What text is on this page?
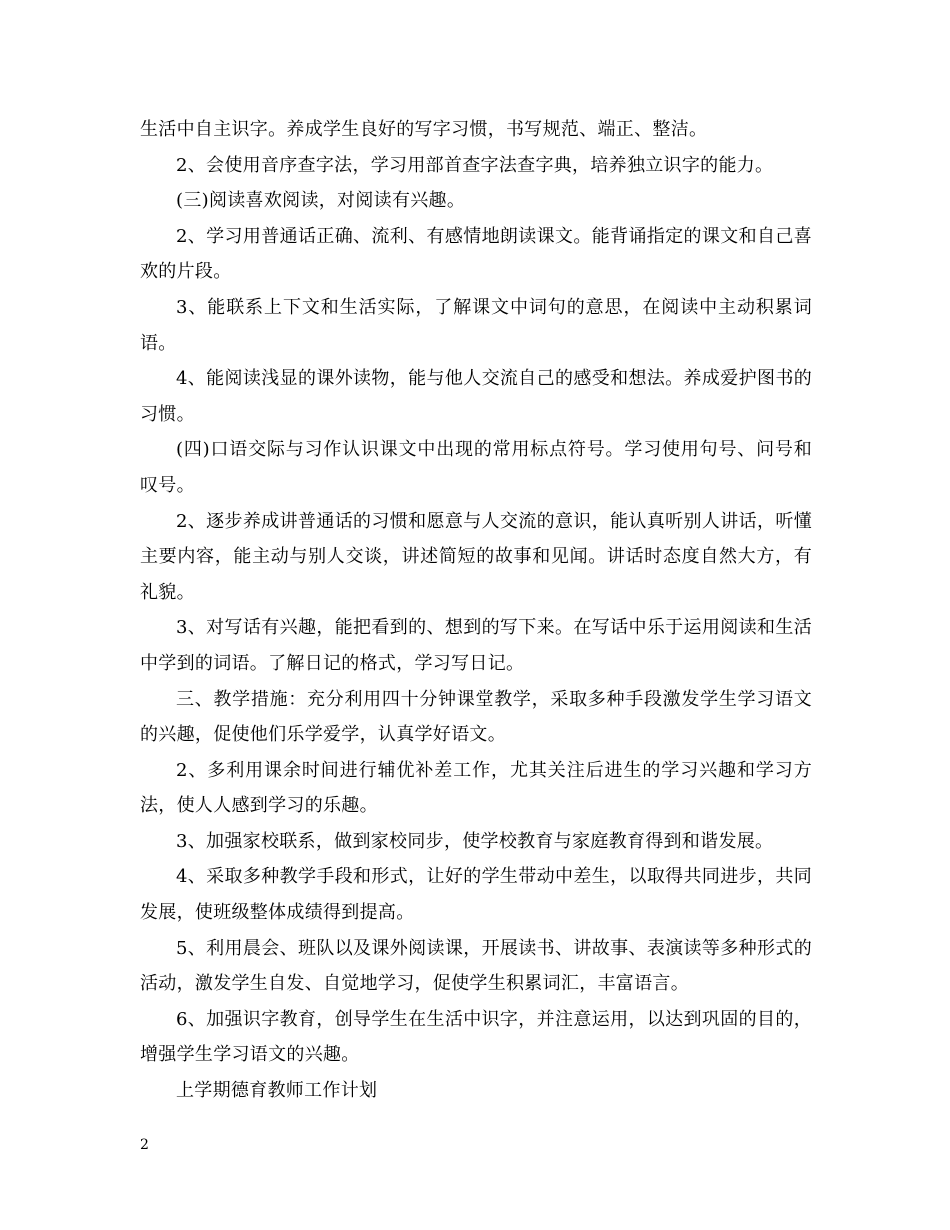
生活中自主识字。养成学生良好的写字习惯，书写规范、端正、整洁。

2、会使用音序查字法，学习用部首查字法查字典，培养独立识字的能力。

(三)阅读喜欢阅读，对阅读有兴趣。

2、学习用普通话正确、流利、有感情地朗读课文。能背诵指定的课文和自己喜欢的片段。

3、能联系上下文和生活实际，了解课文中词句的意思，在阅读中主动积累词语。

4、能阅读浅显的课外读物，能与他人交流自己的感受和想法。养成爱护图书的习惯。

(四)口语交际与习作认识课文中出现的常用标点符号。学习使用句号、问号和叹号。

2、逐步养成讲普通话的习惯和愿意与人交流的意识，能认真听别人讲话，听懂主要内容，能主动与别人交谈，讲述简短的故事和见闻。讲话时态度自然大方，有礼貌。

3、对写话有兴趣，能把看到的、想到的写下来。在写话中乐于运用阅读和生活中学到的词语。了解日记的格式，学习写日记。

三、教学措施：充分利用四十分钟课堂教学，采取多种手段激发学生学习语文的兴趣，促使他们乐学爱学，认真学好语文。

2、多利用课余时间进行辅优补差工作，尤其关注后进生的学习兴趣和学习方法，使人人感到学习的乐趣。

3、加强家校联系，做到家校同步，使学校教育与家庭教育得到和谐发展。

4、采取多种教学手段和形式，让好的学生带动中差生，以取得共同进步，共同发展，使班级整体成绩得到提高。

5、利用晨会、班队以及课外阅读课，开展读书、讲故事、表演读等多种形式的活动，激发学生自发、自觉地学习，促使学生积累词汇，丰富语言。

6、加强识字教育，创导学生在生活中识字，并注意运用，以达到巩固的目的，增强学生学习语文的兴趣。

上学期德育教师工作计划

2
